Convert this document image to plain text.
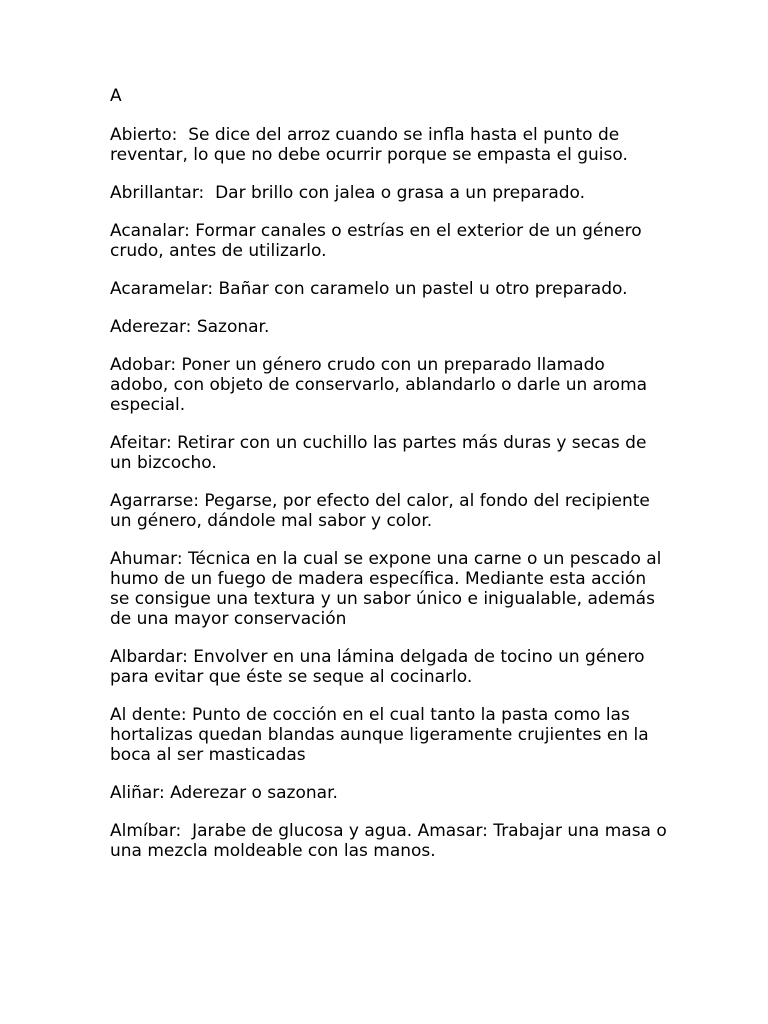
A

Abierto:  Se dice del arroz cuando se infla hasta el punto de reventar, lo que no debe ocurrir porque se empasta el guiso.

Abrillantar:  Dar brillo con jalea o grasa a un preparado.

Acanalar: Formar canales o estrías en el exterior de un género crudo, antes de utilizarlo.

Acaramelar: Bañar con caramelo un pastel u otro preparado.

Aderezar: Sazonar.

Adobar: Poner un género crudo con un preparado llamado adobo, con objeto de conservarlo, ablandarlo o darle un aroma especial.

Afeitar: Retirar con un cuchillo las partes más duras y secas de un bizcocho.

Agarrarse: Pegarse, por efecto del calor, al fondo del recipiente un género, dándole mal sabor y color.

Ahumar: Técnica en la cual se expone una carne o un pescado al humo de un fuego de madera específica. Mediante esta acción se consigue una textura y un sabor único e inigualable, además de una mayor conservación

Albardar: Envolver en una lámina delgada de tocino un género para evitar que éste se seque al cocinarlo.

Al dente: Punto de cocción en el cual tanto la pasta como las hortalizas quedan blandas aunque ligeramente crujientes en la boca al ser masticadas

Aliñar: Aderezar o sazonar.

Almíbar:  Jarabe de glucosa y agua. Amasar: Trabajar una masa o una mezcla moldeable con las manos.
